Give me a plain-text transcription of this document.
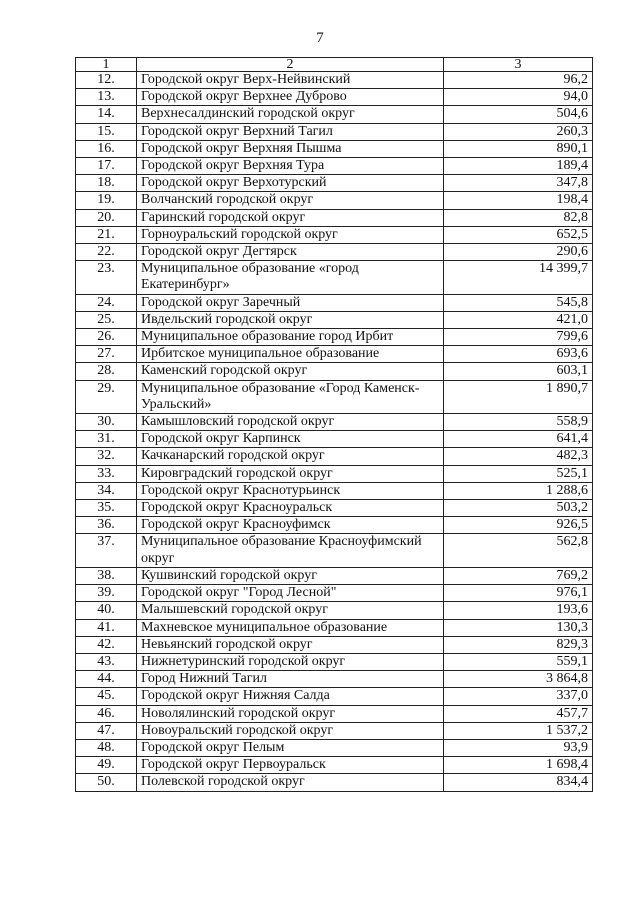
7
1	2	3
12.	Городской округ Верх-Нейвинский	96,2
13.	Городской округ Верхнее Дуброво	94,0
14.	Верхнесалдинский городской округ	504,6
15.	Городской округ Верхний Тагил	260,3
16.	Городской округ Верхняя Пышма	890,1
17.	Городской округ Верхняя Тура	189,4
18.	Городской округ Верхотурский	347,8
19.	Волчанский городской округ	198,4
20.	Гаринский городской округ	82,8
21.	Горноуральский городской округ	652,5
22.	Городской округ Дегтярск	290,6
23.	Муниципальное образование «город Екатеринбург»	14 399,7
24.	Городской округ Заречный	545,8
25.	Ивдельский городской округ	421,0
26.	Муниципальное образование город Ирбит	799,6
27.	Ирбитское муниципальное образование	693,6
28.	Каменский городской округ	603,1
29.	Муниципальное образование «Город Каменск-Уральский»	1 890,7
30.	Камышловский городской округ	558,9
31.	Городской округ Карпинск	641,4
32.	Качканарский городской округ	482,3
33.	Кировградский городской округ	525,1
34.	Городской округ Краснотурьинск	1 288,6
35.	Городской округ Красноуральск	503,2
36.	Городской округ Красноуфимск	926,5
37.	Муниципальное образование Красноуфимский округ	562,8
38.	Кушвинский городской округ	769,2
39.	Городской округ "Город Лесной"	976,1
40.	Малышевский городской округ	193,6
41.	Махневское муниципальное образование	130,3
42.	Невьянский городской округ	829,3
43.	Нижнетуринский городской округ	559,1
44.	Город Нижний Тагил	3 864,8
45.	Городской округ Нижняя Салда	337,0
46.	Новолялинский городской округ	457,7
47.	Новоуральский городской округ	1 537,2
48.	Городской округ Пелым	93,9
49.	Городской округ Первоуральск	1 698,4
50.	Полевской городской округ	834,4
